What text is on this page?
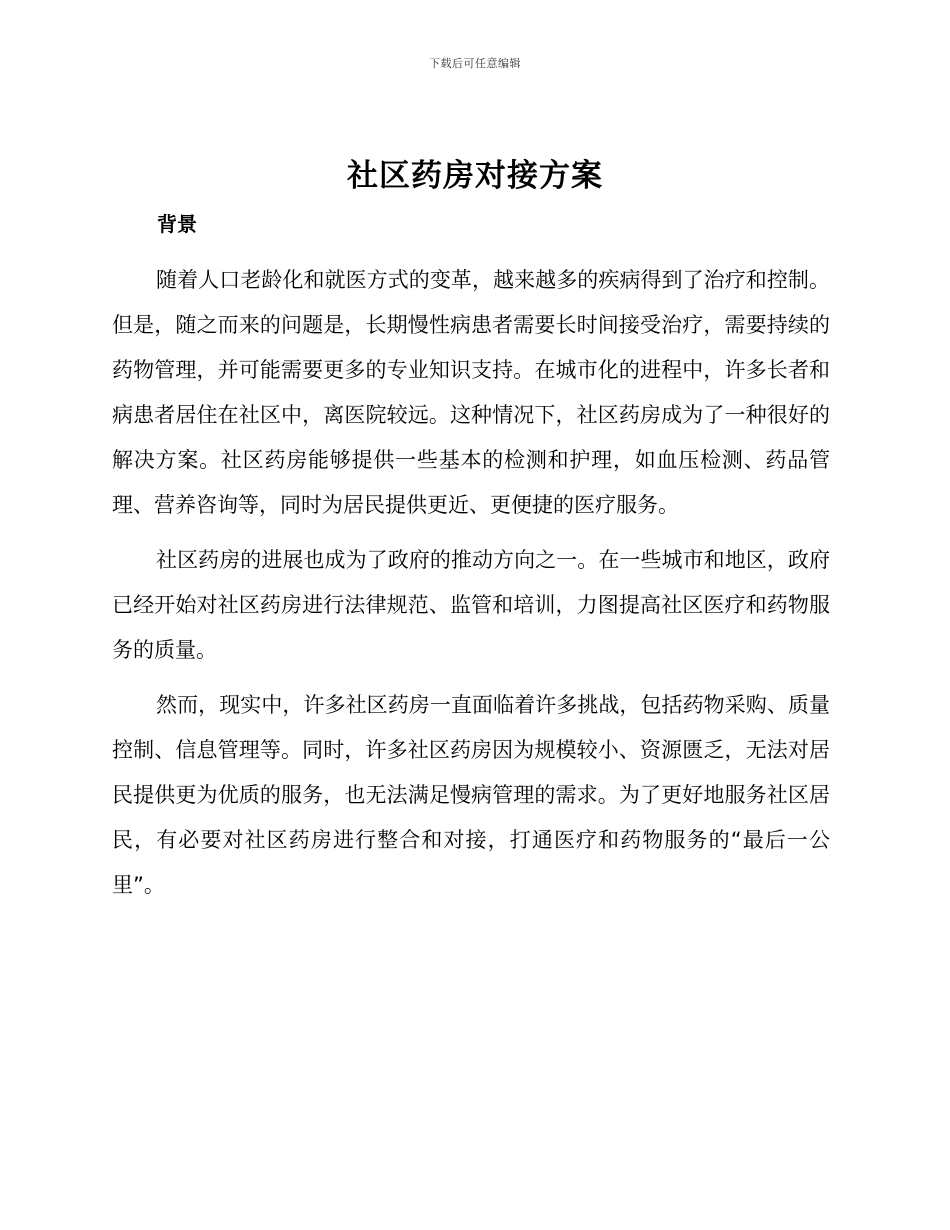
下载后可任意编辑
社区药房对接方案
背景

随着人口老龄化和就医方式的变革，越来越多的疾病得到了治疗和控制。但是，随之而来的问题是，长期慢性病患者需要长时间接受治疗，需要持续的药物管理，并可能需要更多的专业知识支持。在城市化的进程中，许多长者和病患者居住在社区中，离医院较远。这种情况下，社区药房成为了一种很好的解决方案。社区药房能够提供一些基本的检测和护理，如血压检测、药品管理、营养咨询等，同时为居民提供更近、更便捷的医疗服务。

社区药房的进展也成为了政府的推动方向之一。在一些城市和地区，政府已经开始对社区药房进行法律规范、监管和培训，力图提高社区医疗和药物服务的质量。

然而，现实中，许多社区药房一直面临着许多挑战，包括药物采购、质量控制、信息管理等。同时，许多社区药房因为规模较小、资源匮乏，无法对居民提供更为优质的服务，也无法满足慢病管理的需求。为了更好地服务社区居民，有必要对社区药房进行整合和对接，打通医疗和药物服务的“最后一公里”。
